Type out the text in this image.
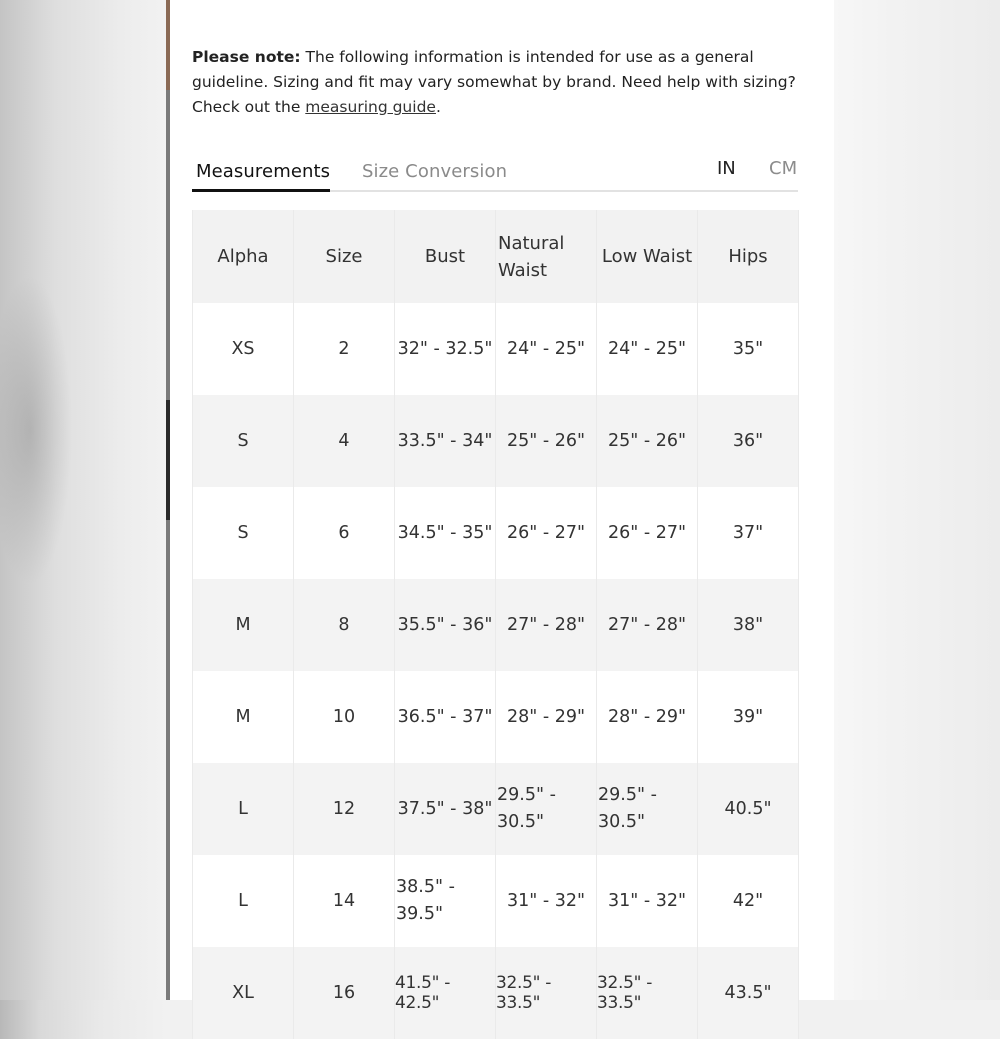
Please note: The following information is intended for use as a general guideline. Sizing and fit may vary somewhat by brand. Need help with sizing? Check out the measuring guide.

Measurements Size Conversion	IN CM
Alpha	Size	Bust	Natural Waist	Low Waist	Hips
XS	2	32" - 32.5"	24" - 25"	24" - 25"	35"
S	4	33.5" - 34"	25" - 26"	25" - 26"	36"
S	6	34.5" - 35"	26" - 27"	26" - 27"	37"
M	8	35.5" - 36"	27" - 28"	27" - 28"	38"
M	10	36.5" - 37"	28" - 29"	28" - 29"	39"
L	12	37.5" - 38"	29.5" - 30.5"	29.5" - 30.5"	40.5"
L	14	38.5" - 39.5"	31" - 32"	31" - 32"	42"
XL	16	41.5" - 42.5"	32.5" - 33.5"	32.5" - 33.5"	43.5"
